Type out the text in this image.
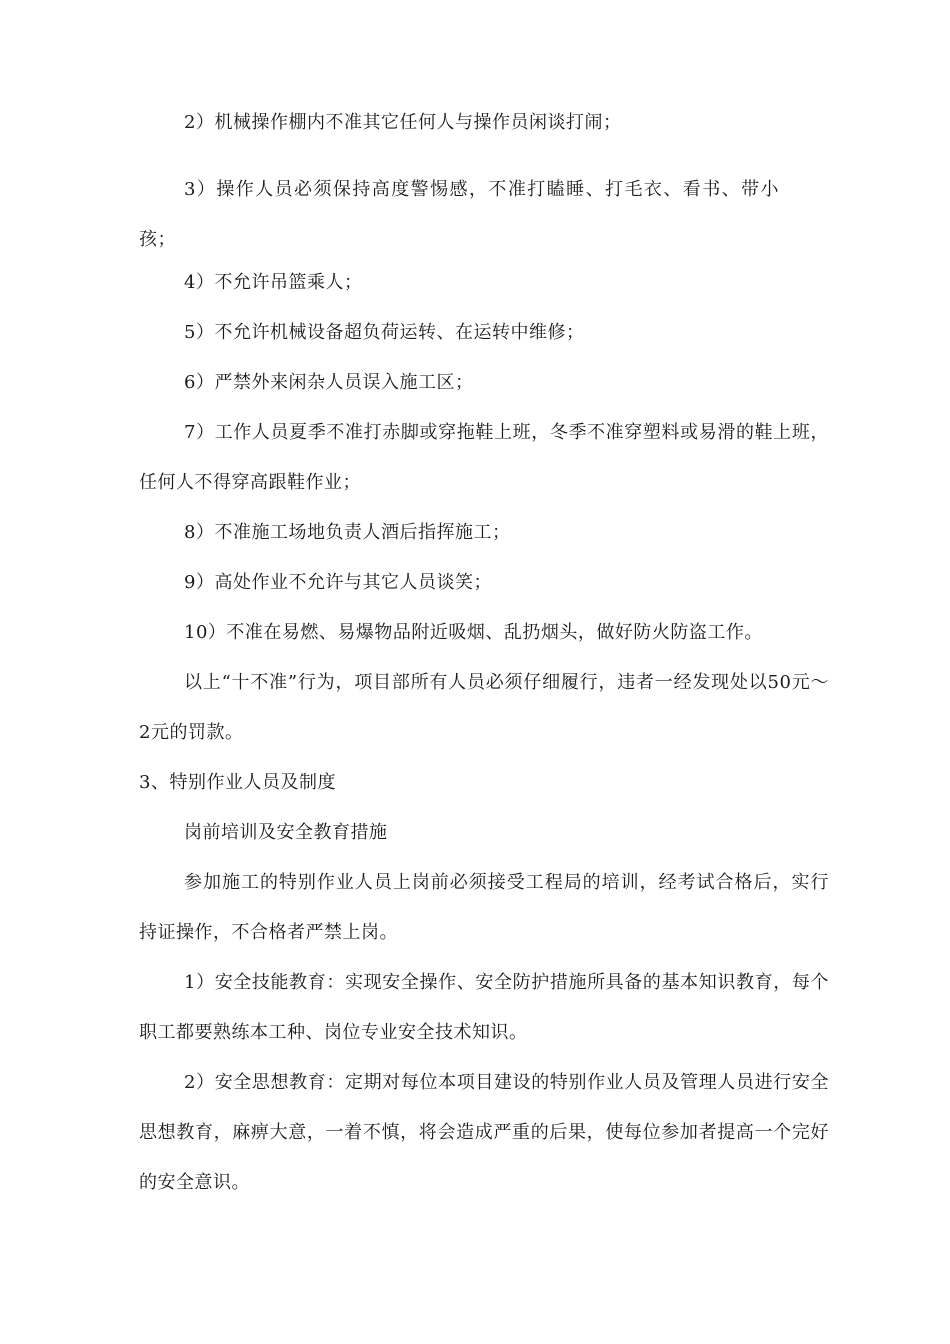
2）机械操作棚内不准其它任何人与操作员闲谈打闹；

3）操作人员必须保持高度警惕感，不准打瞌睡、打毛衣、看书、带小孩；

4）不允许吊篮乘人；

5）不允许机械设备超负荷运转、在运转中维修；

6）严禁外来闲杂人员误入施工区；

7）工作人员夏季不准打赤脚或穿拖鞋上班，冬季不准穿塑料或易滑的鞋上班，任何人不得穿高跟鞋作业；

8）不准施工场地负责人酒后指挥施工；

9）高处作业不允许与其它人员谈笑；

10）不准在易燃、易爆物品附近吸烟、乱扔烟头，做好防火防盗工作。

以上“十不准”行为，项目部所有人员必须仔细履行，违者一经发现处以50元〜2元的罚款。

3、特别作业人员及制度

岗前培训及安全教育措施

参加施工的特别作业人员上岗前必须接受工程局的培训，经考试合格后，实行持证操作，不合格者严禁上岗。

1）安全技能教育：实现安全操作、安全防护措施所具备的基本知识教育，每个职工都要熟练本工种、岗位专业安全技术知识。

2）安全思想教育：定期对每位本项目建设的特别作业人员及管理人员进行安全思想教育，麻痹大意，一着不慎，将会造成严重的后果，使每位参加者提高一个完好的安全意识。
